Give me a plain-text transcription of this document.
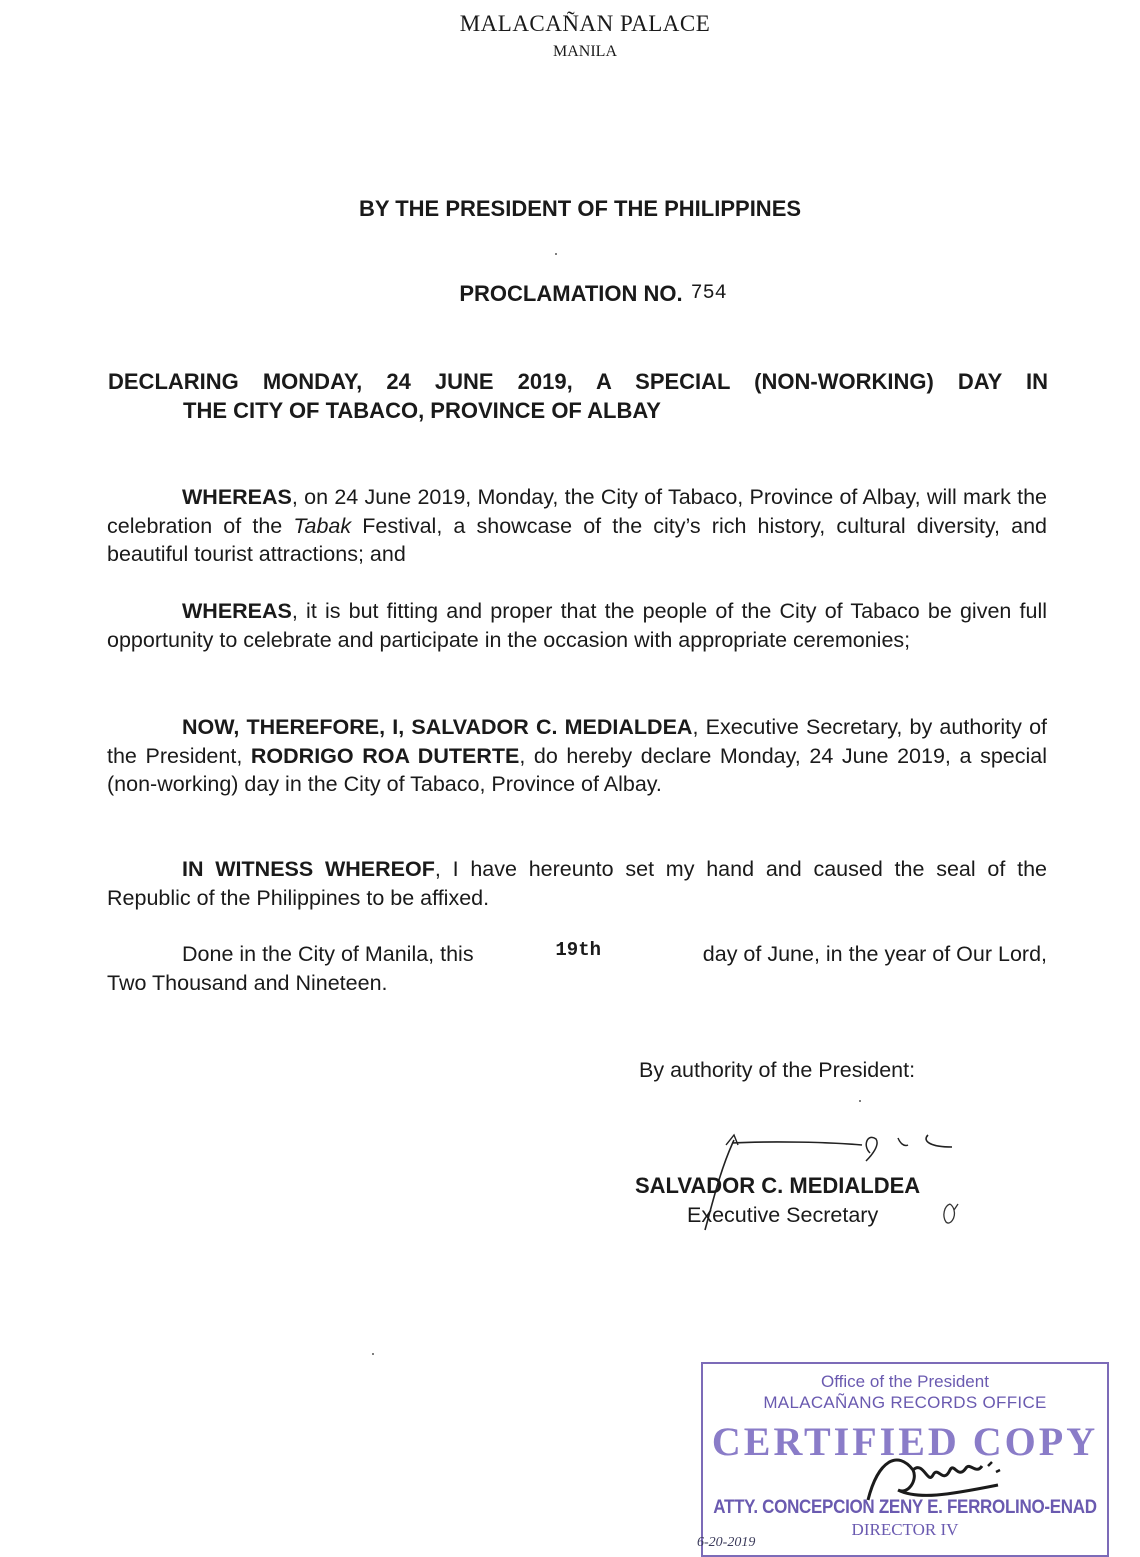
MALACAÑAN PALACE
MANILA
BY THE PRESIDENT OF THE PHILIPPINES
PROCLAMATION NO. 754
DECLARING MONDAY, 24 JUNE 2019, A SPECIAL (NON-WORKING) DAY IN
THE CITY OF TABACO, PROVINCE OF ALBAY
WHEREAS, on 24 June 2019, Monday, the City of Tabaco, Province of Albay, will mark the celebration of the Tabak Festival, a showcase of the city’s rich history, cultural diversity, and beautiful tourist attractions; and
WHEREAS, it is but fitting and proper that the people of the City of Tabaco be given full opportunity to celebrate and participate in the occasion with appropriate ceremonies;
NOW, THEREFORE, I, SALVADOR C. MEDIALDEA, Executive Secretary, by authority of the President, RODRIGO ROA DUTERTE, do hereby declare Monday, 24 June 2019, a special (non-working) day in the City of Tabaco, Province of Albay.
IN WITNESS WHEREOF, I have hereunto set my hand and caused the seal of the Republic of the Philippines to be affixed.
Done in the City of Manila, this	19th	day of June, in the year of Our Lord,
Two Thousand and Nineteen.
By authority of the President:
SALVADOR C. MEDIALDEA
Executive Secretary
Office of the President
MALACAÑANG RECORDS OFFICE
CERTIFIED COPY
ATTY. CONCEPCION ZENY E. FERROLINO-ENAD
DIRECTOR IV
6-20-2019
